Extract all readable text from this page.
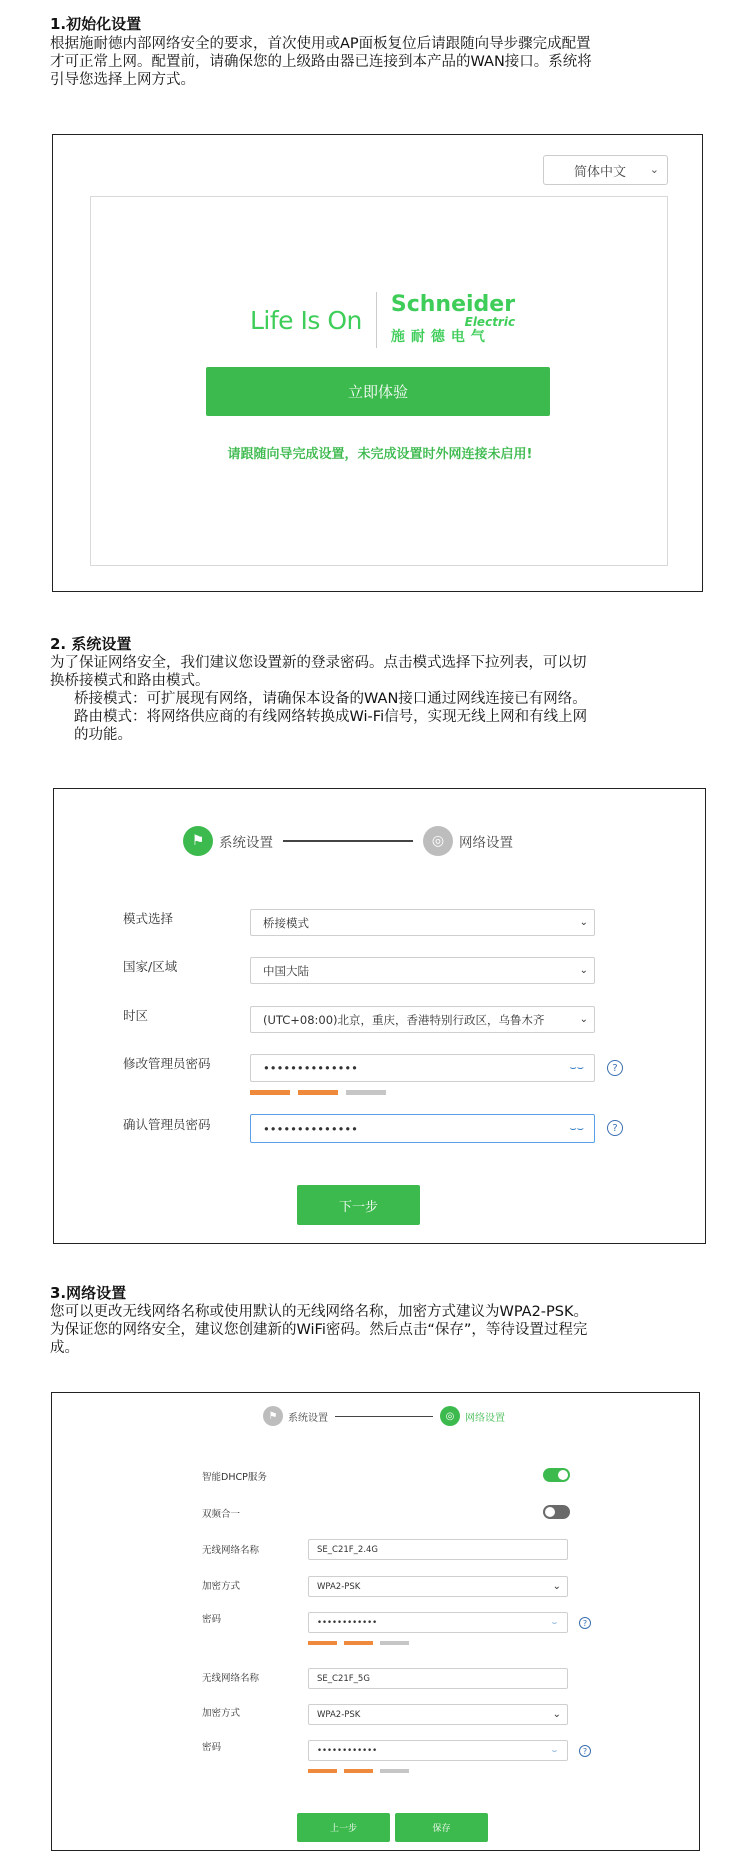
1.初始化设置

根据施耐德内部网络安全的要求，首次使用或AP面板复位后请跟随向导步骤完成配置

才可正常上网。配置前，请确保您的上级路由器已连接到本产品的WAN接口。系统将

引导您选择上网方式。

简体中文 ⌄
Life Is On
Schneider
Electric
施耐德电气
立即体验
请跟随向导完成设置，未完成设置时外网连接未启用!
2. 系统设置

为了保证网络安全，我们建议您设置新的登录密码。点击模式选择下拉列表，可以切

换桥接模式和路由模式。

桥接模式：可扩展现有网络，请确保本设备的WAN接口通过网线连接已有网络。

路由模式：将网络供应商的有线网络转换成Wi-Fi信号，实现无线上网和有线上网

的功能。

⚑	系统设置	◎	网络设置
模式选择	桥接模式	⌄
国家/区域	中国大陆	⌄
时区	(UTC+08:00)北京，重庆，香港特别行政区，乌鲁木齐	⌄
修改管理员密码	••••••••••••••	⌣⌣	?
确认管理员密码	••••••••••••••	⌣⌣	?
下一步
3.网络设置

您可以更改无线网络名称或使用默认的无线网络名称，加密方式建议为WPA2-PSK。

为保证您的网络安全，建议您创建新的WiFi密码。然后点击“保存”，等待设置过程完

成。

⚑	系统设置	◎	网络设置
智能DHCP服务
双频合一
无线网络名称	SE_C21F_2.4G
加密方式	WPA2-PSK	⌄
密码	••••••••••••	⌣	?
无线网络名称	SE_C21F_5G
加密方式	WPA2-PSK	⌄
密码	••••••••••••	⌣	?
上一步	保存
